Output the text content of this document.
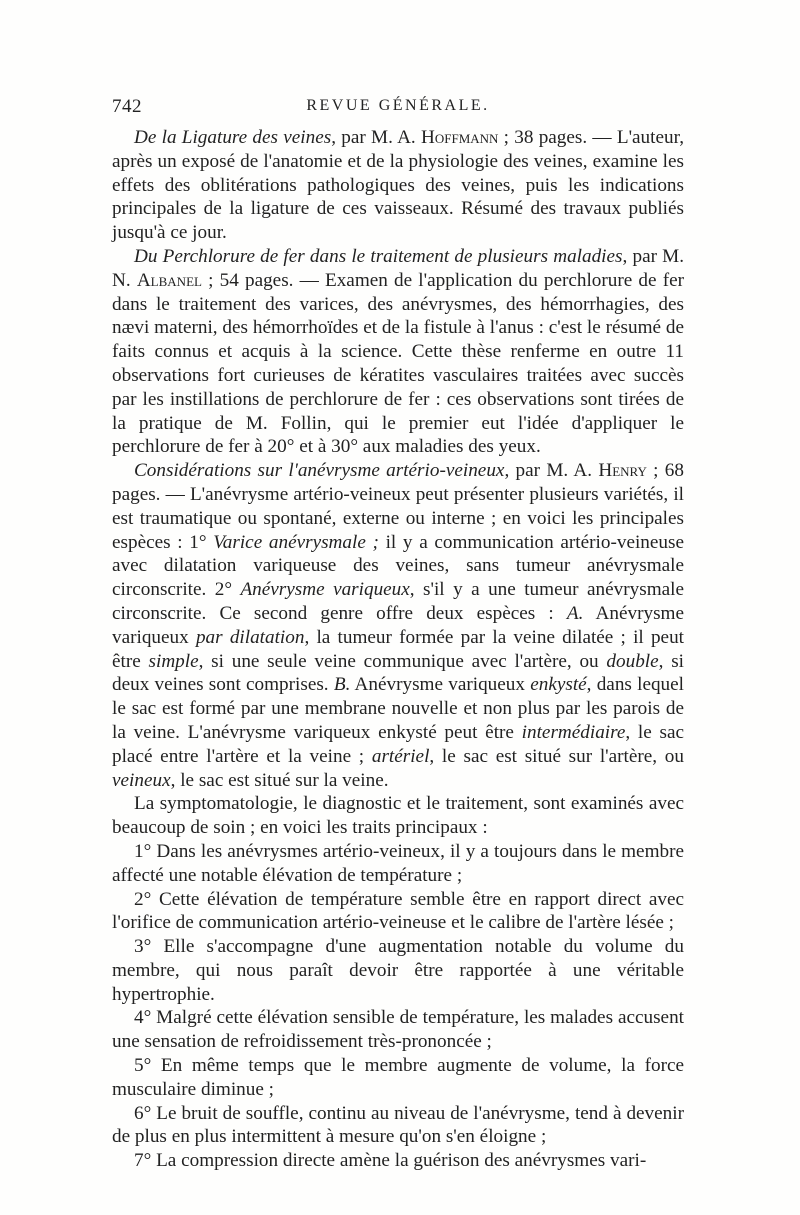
742	REVUE GÉNÉRALE.

De la Ligature des veines, par M. A. Hoffmann ; 38 pages. — L'auteur, après un exposé de l'anatomie et de la physiologie des veines, examine les effets des oblitérations pathologiques des veines, puis les indications principales de la ligature de ces vaisseaux. Résumé des travaux publiés jusqu'à ce jour.

Du Perchlorure de fer dans le traitement de plusieurs maladies, par M. N. Albanel ; 54 pages. — Examen de l'application du perchlorure de fer dans le traitement des varices, des anévrysmes, des hémorrhagies, des nævi materni, des hémorrhoïdes et de la fistule à l'anus : c'est le résumé de faits connus et acquis à la science. Cette thèse renferme en outre 11 observations fort curieuses de kératites vasculaires traitées avec succès par les instillations de perchlorure de fer : ces observations sont tirées de la pratique de M. Follin, qui le premier eut l'idée d'appliquer le perchlorure de fer à 20° et à 30° aux maladies des yeux.

Considérations sur l'anévrysme artério-veineux, par M. A. Henry ; 68 pages. — L'anévrysme artério-veineux peut présenter plusieurs variétés, il est traumatique ou spontané, externe ou interne ; en voici les principales espèces : 1° Varice anévrysmale ; il y a communication artério-veineuse avec dilatation variqueuse des veines, sans tumeur anévrysmale circonscrite. 2° Anévrysme variqueux, s'il y a une tumeur anévrysmale circonscrite. Ce second genre offre deux espèces : A. Anévrysme variqueux par dilatation, la tumeur formée par la veine dilatée ; il peut être simple, si une seule veine communique avec l'artère, ou double, si deux veines sont comprises. B. Anévrysme variqueux enkysté, dans lequel le sac est formé par une membrane nouvelle et non plus par les parois de la veine. L'anévrysme variqueux enkysté peut être intermédiaire, le sac placé entre l'artère et la veine ; artériel, le sac est situé sur l'artère, ou veineux, le sac est situé sur la veine.

La symptomatologie, le diagnostic et le traitement, sont examinés avec beaucoup de soin ; en voici les traits principaux :

1° Dans les anévrysmes artério-veineux, il y a toujours dans le membre affecté une notable élévation de température ;

2° Cette élévation de température semble être en rapport direct avec l'orifice de communication artério-veineuse et le calibre de l'artère lésée ;

3° Elle s'accompagne d'une augmentation notable du volume du membre, qui nous paraît devoir être rapportée à une véritable hypertrophie.

4° Malgré cette élévation sensible de température, les malades accusent une sensation de refroidissement très-prononcée ;

5° En même temps que le membre augmente de volume, la force musculaire diminue ;

6° Le bruit de souffle, continu au niveau de l'anévrysme, tend à devenir de plus en plus intermittent à mesure qu'on s'en éloigne ;

7° La compression directe amène la guérison des anévrysmes vari-
